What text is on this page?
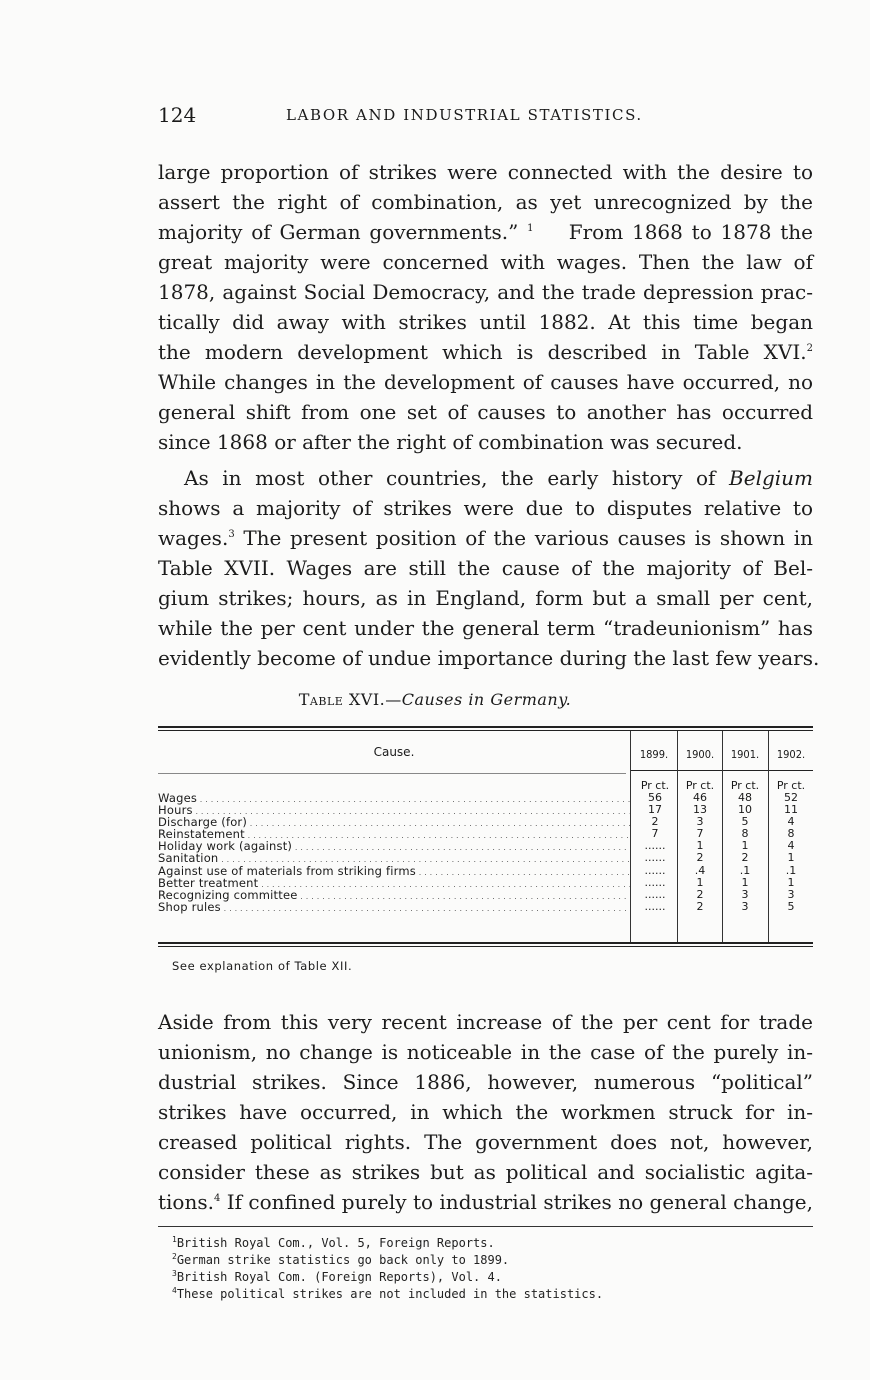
124	LABOR AND INDUSTRIAL STATISTICS.
large proportion of strikes were connected with the desire to
assert the right of combination, as yet unrecognized by the
majority of German governments.” $^1$ From 1868 to 1878 the
great majority were concerned with wages. Then the law of
1878, against Social Democracy, and the trade depression prac-
tically did away with strikes until 1882. At this time began
the modern development which is described in Table XVI.$^2$
While changes in the development of causes have occurred, no
general shift from one set of causes to another has occurred
since 1868 or after the right of combination was secured.
As in most other countries, the early history of Belgium
shows a majority of strikes were due to disputes relative to
wages.$^3$ The present position of the various causes is shown in
Table XVII. Wages are still the cause of the majority of Bel-
gium strikes; hours, as in England, form but a small per cent,
while the per cent under the general term “tradeunionism” has
evidently become of undue importance during the last few years.
Table XVI.—Causes in Germany.
Cause.	1899.	1900.	1901.	1902.
Pr ct.	Pr ct.	Pr ct.	Pr ct.
Wages . . .	56	46	48	52
Hours . . .	17	13	10	11
Discharge (for) . . .	2	3	5	4
Reinstatement . . .	7	7	8	8
Holiday work (against) . . .	......	1	1	4
Sanitation . . .	......	2	2	1
Against use of materials from striking firms . . .	......	.4	.1	.1
Better treatment . . .	......	1	1	1
Recognizing committee . . .	......	2	3	3
Shop rules . . .	......	2	3	5
See explanation of Table XII.
Aside from this very recent increase of the per cent for trade
unionism, no change is noticeable in the case of the purely in-
dustrial strikes. Since 1886, however, numerous “political”
strikes have occurred, in which the workmen struck for in-
creased political rights. The government does not, however,
consider these as strikes but as political and socialistic agita-
tions.$^4$ If confined purely to industrial strikes no general change,
$^1$British Royal Com., Vol. 5, Foreign Reports.
$^2$German strike statistics go back only to 1899.
$^3$British Royal Com. (Foreign Reports), Vol. 4.
$^4$These political strikes are not included in the statistics.
